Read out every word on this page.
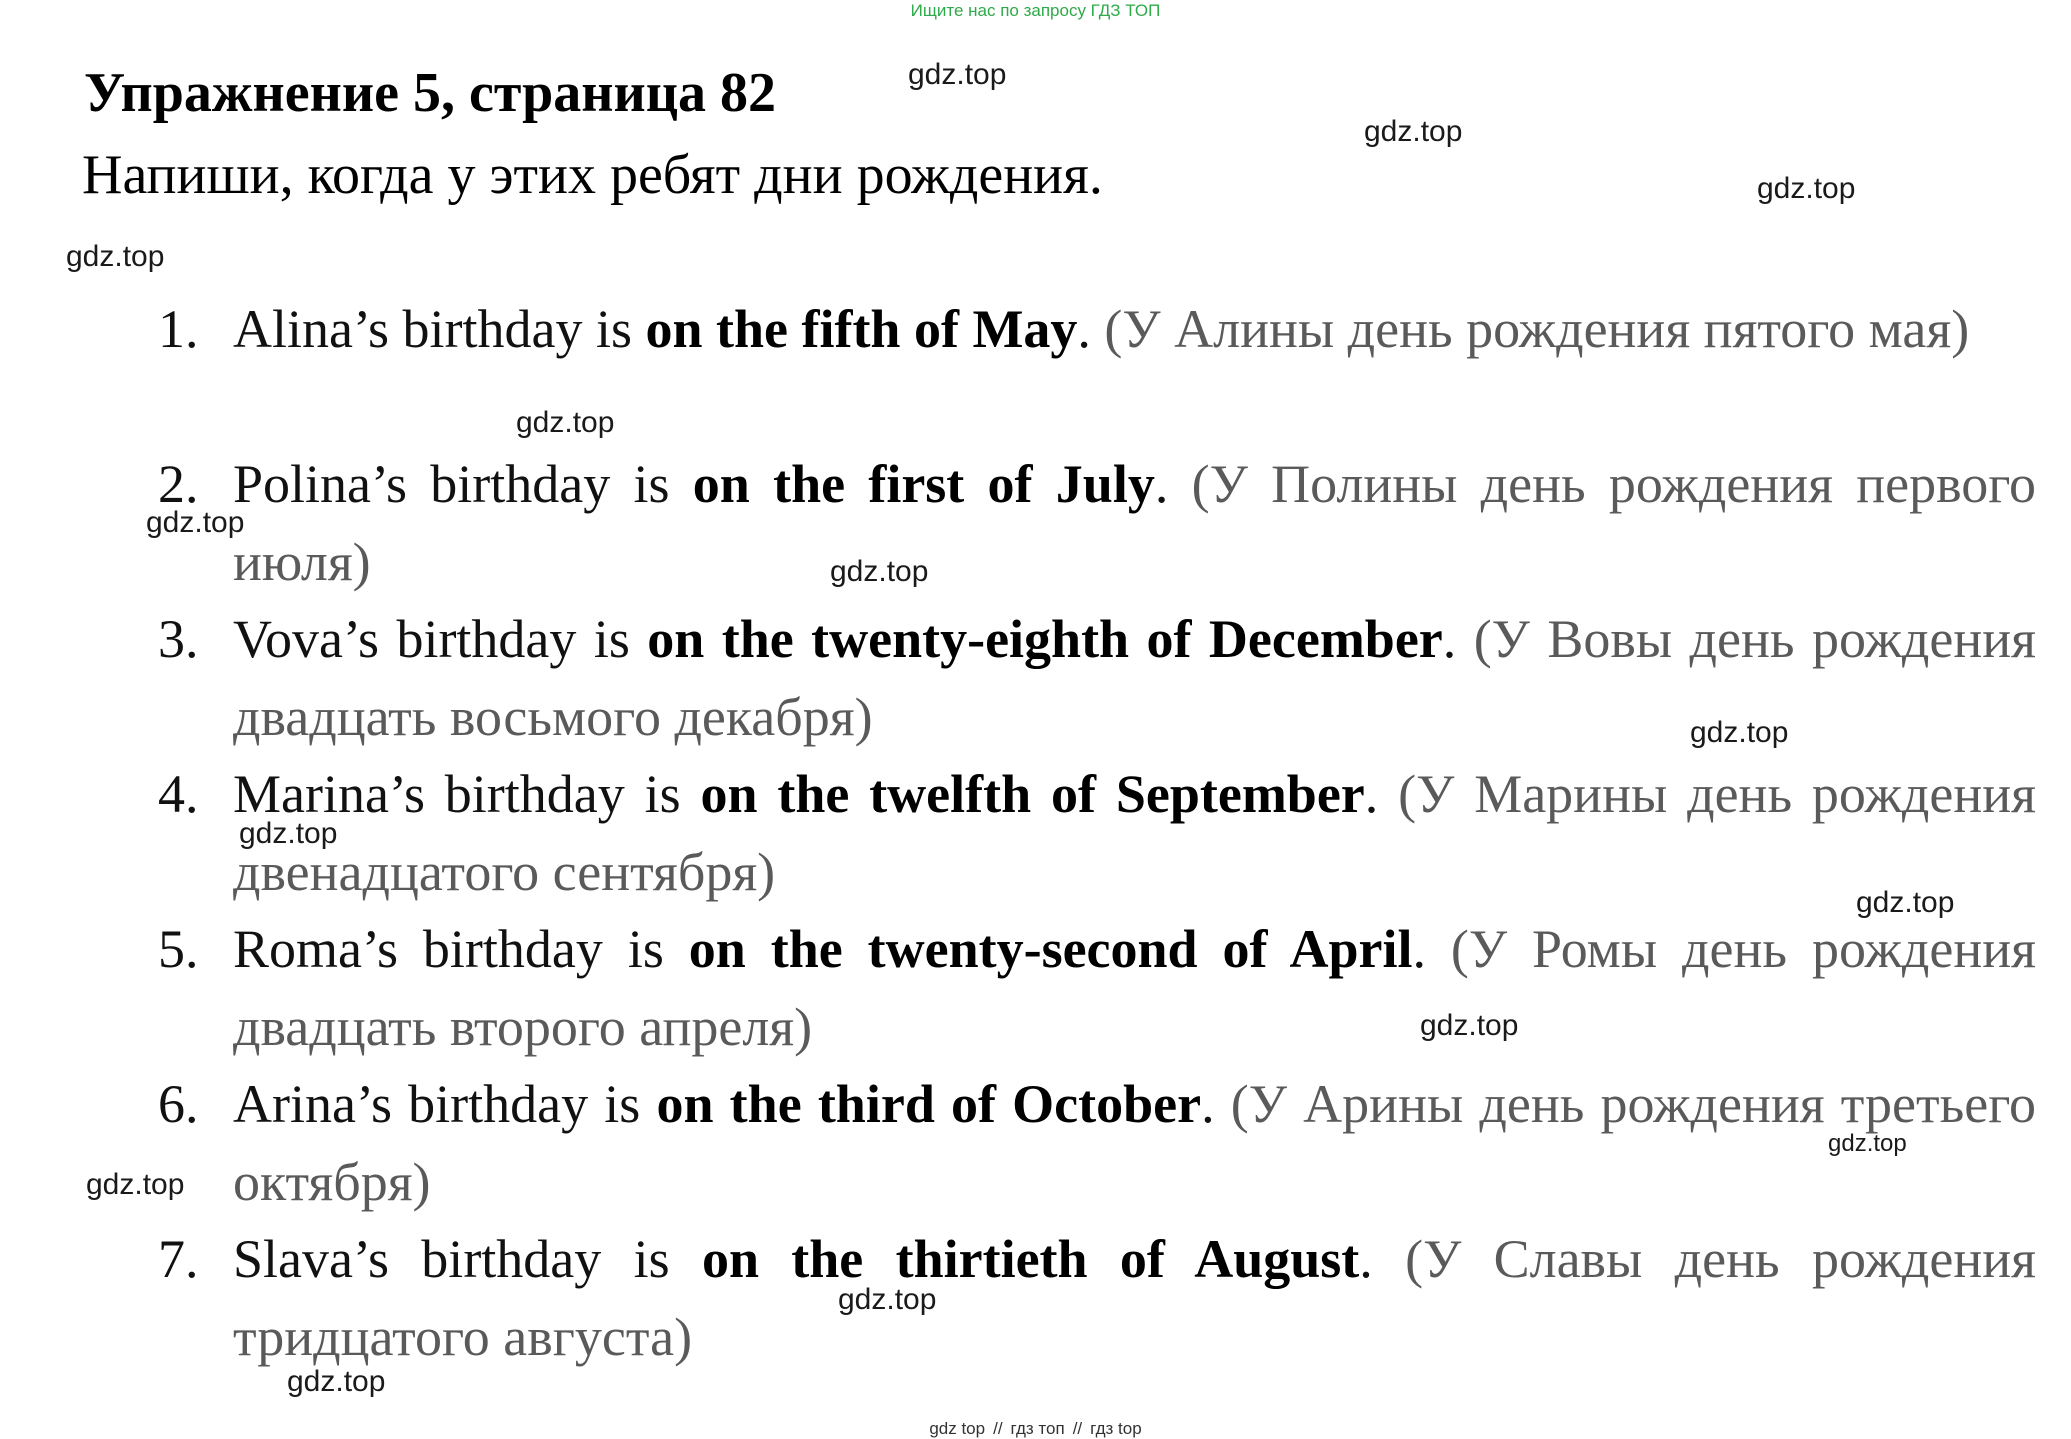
Ищите нас по запросу ГДЗ ТОП
Упражнение 5, страница 82
Напиши, когда у этих ребят дни рождения.
1. Alina’s birthday is on the fifth of May. (У Алины день рождения пятого мая)
2. Polina’s birthday is on the first of July. (У Полины день рождения первого июля)
3. Vova’s birthday is on the twenty-eighth of December. (У Вовы день рождения двадцать восьмого декабря)
4. Marina’s birthday is on the twelfth of September. (У Марины день рождения двенадцатого сентября)
5. Roma’s birthday is on the twenty-second of April. (У Ромы день рождения двадцать второго апреля)
6. Arina’s birthday is on the third of October. (У Арины день рождения третьего октября)
7. Slava’s birthday is on the thirtieth of August. (У Славы день рождения тридцатого августа)
gdz.top
gdz.top
gdz.top
gdz.top
gdz.top
gdz.top
gdz.top
gdz.top
gdz.top
gdz.top
gdz.top
gdz.top
gdz.top
gdz.top
gdz.top
gdz top // гдз топ // гдз top
